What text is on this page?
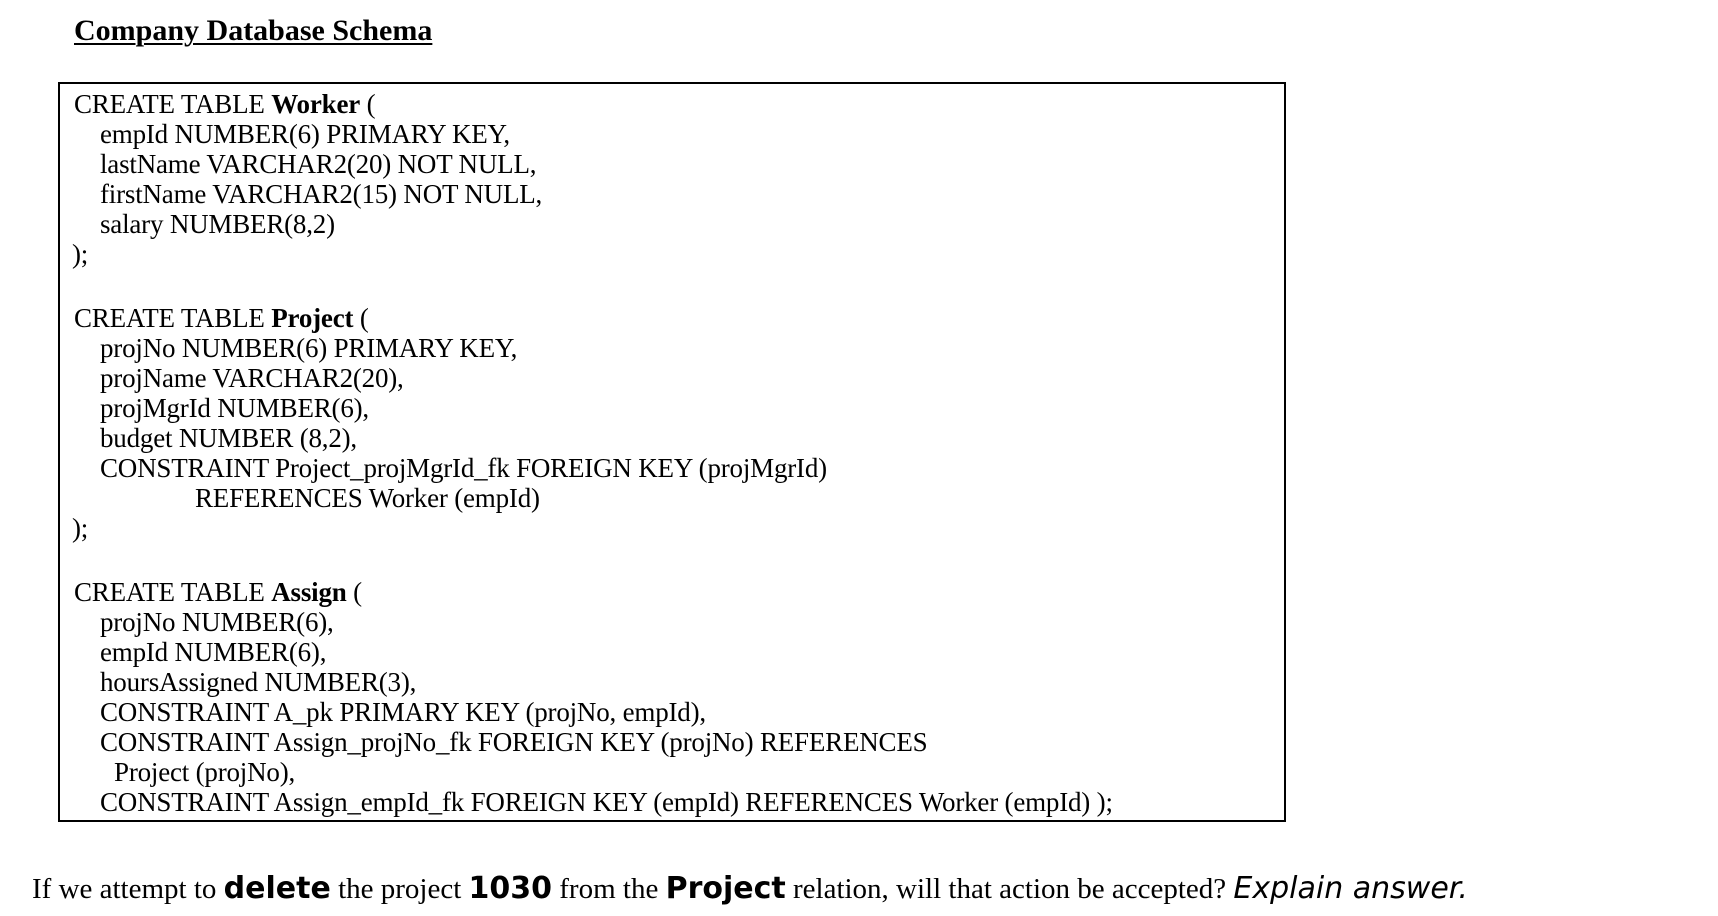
Company Database Schema
CREATE TABLE Worker (
empId NUMBER(6) PRIMARY KEY,
lastName VARCHAR2(20) NOT NULL,
firstName VARCHAR2(15) NOT NULL,
salary NUMBER(8,2)
);
CREATE TABLE Project (
projNo NUMBER(6) PRIMARY KEY,
projName VARCHAR2(20),
projMgrId NUMBER(6),
budget NUMBER (8,2),
CONSTRAINT Project_projMgrId_fk FOREIGN KEY (projMgrId)
REFERENCES Worker (empId)
);
CREATE TABLE Assign (
projNo NUMBER(6),
empId NUMBER(6),
hoursAssigned NUMBER(3),
CONSTRAINT A_pk PRIMARY KEY (projNo, empId),
CONSTRAINT Assign_projNo_fk FOREIGN KEY (projNo) REFERENCES
Project (projNo),
CONSTRAINT Assign_empId_fk FOREIGN KEY (empId) REFERENCES Worker (empId) );
If we attempt to delete the project 1030 from the Project relation, will that action be accepted? Explain answer.
